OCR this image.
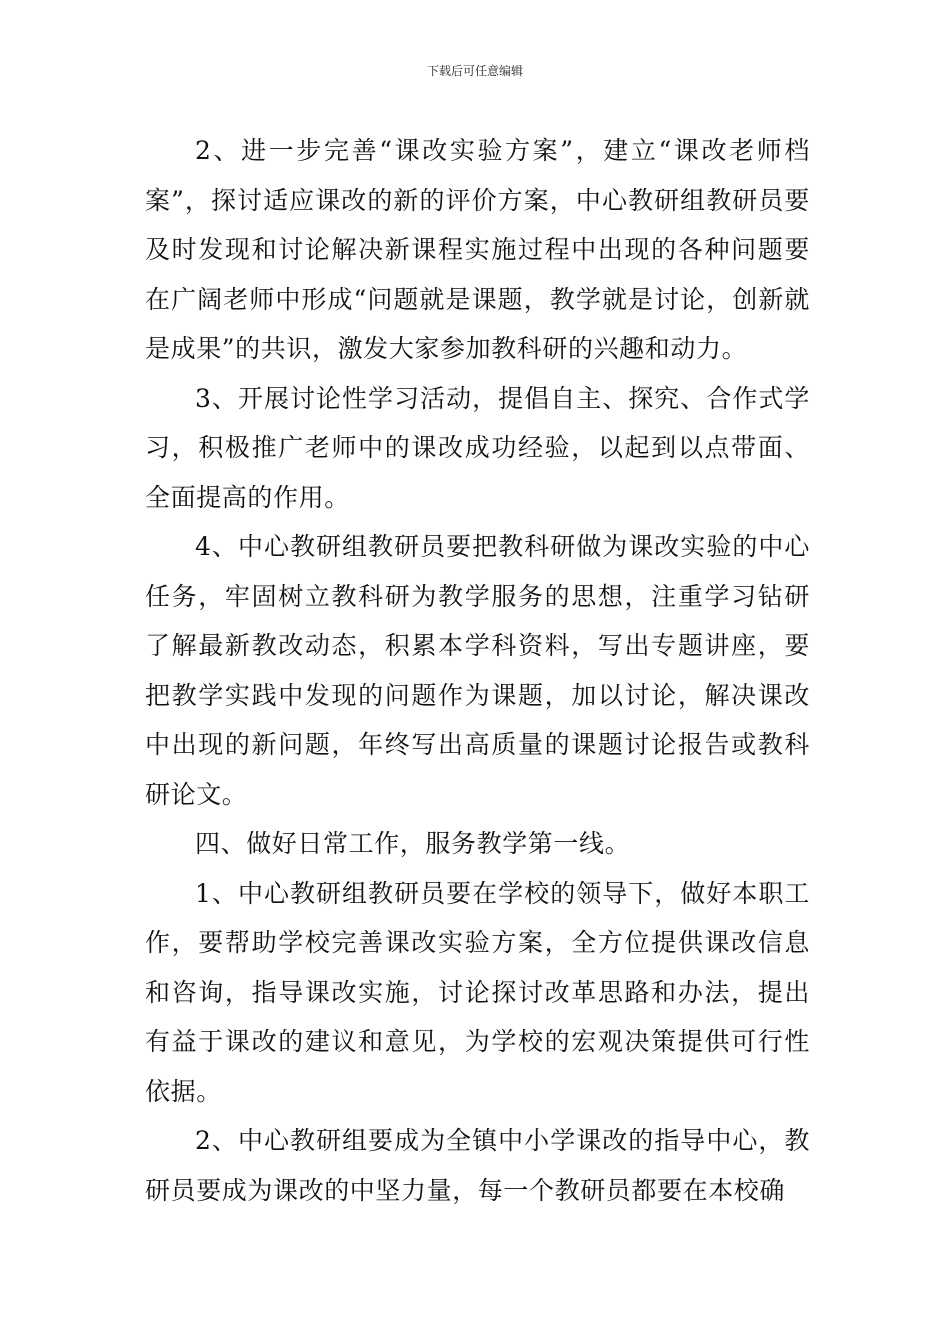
下载后可任意编辑

2、进一步完善“课改实验方案”，建立“课改老师档案”，探讨适应课改的新的评价方案，中心教研组教研员要及时发现和讨论解决新课程实施过程中出现的各种问题要在广阔老师中形成“问题就是课题，教学就是讨论，创新就是成果”的共识，激发大家参加教科研的兴趣和动力。

3、开展讨论性学习活动，提倡自主、探究、合作式学习，积极推广老师中的课改成功经验，以起到以点带面、全面提高的作用。

4、中心教研组教研员要把教科研做为课改实验的中心任务，牢固树立教科研为教学服务的思想，注重学习钻研了解最新教改动态，积累本学科资料，写出专题讲座，要把教学实践中发现的问题作为课题，加以讨论，解决课改中出现的新问题，年终写出高质量的课题讨论报告或教科研论文。

四、做好日常工作，服务教学第一线。

1、中心教研组教研员要在学校的领导下，做好本职工作，要帮助学校完善课改实验方案，全方位提供课改信息和咨询，指导课改实施，讨论探讨改革思路和办法，提出有益于课改的建议和意见，为学校的宏观决策提供可行性依据。

2、中心教研组要成为全镇中小学课改的指导中心，教研员要成为课改的中坚力量，每一个教研员都要在本校确
